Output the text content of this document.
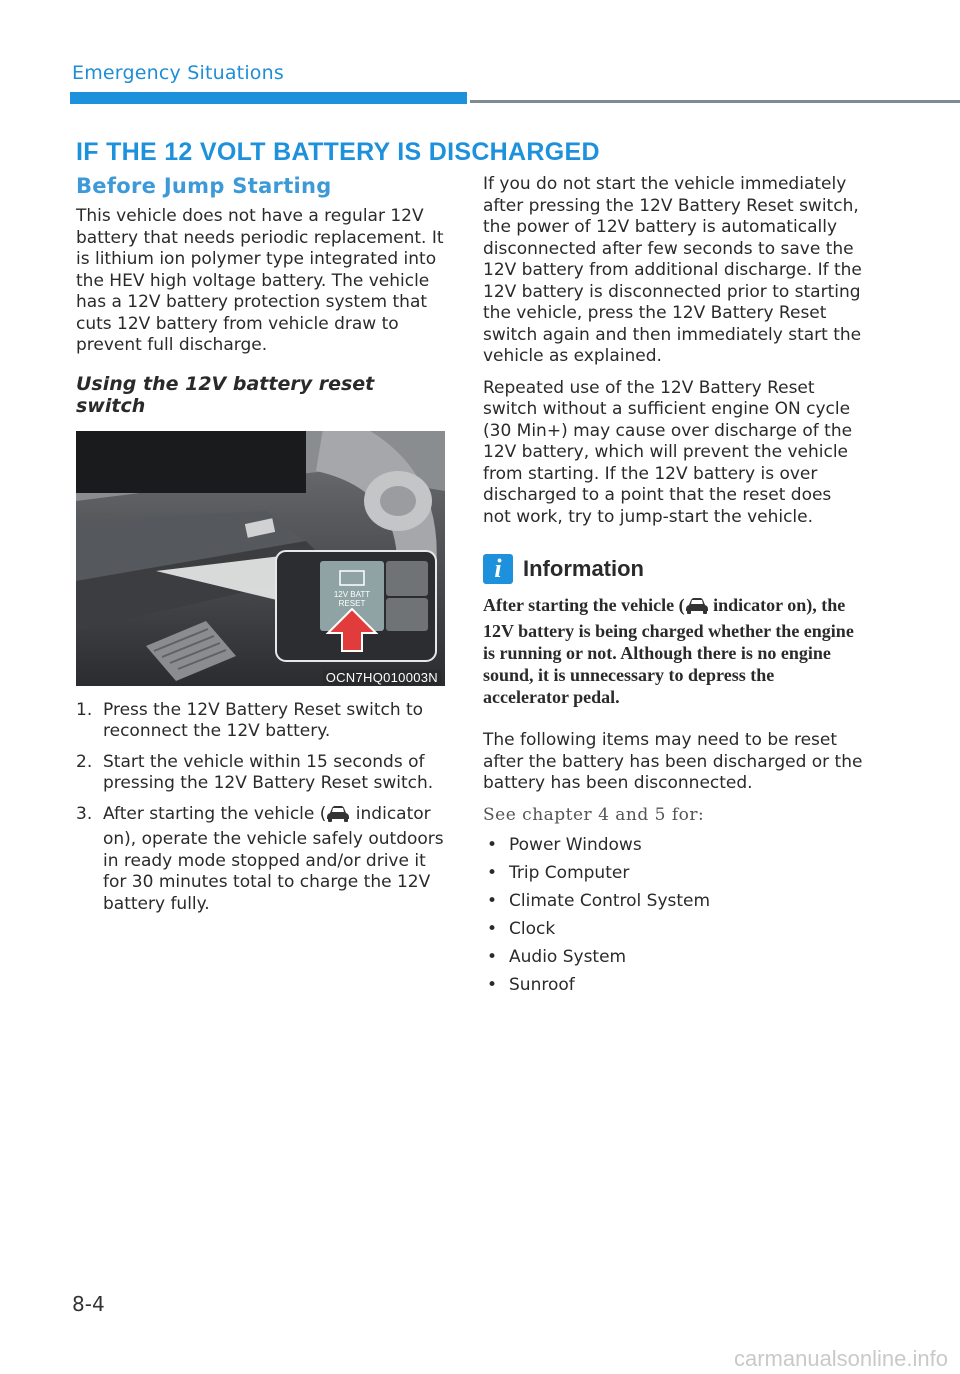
Emergency Situations
IF THE 12 VOLT BATTERY IS DISCHARGED
Before Jump Starting

This vehicle does not have a regular 12V battery that needs periodic replacement. It is lithium ion polymer type integrated into the HEV high voltage battery. The vehicle has a 12V battery protection system that cuts 12V battery from vehicle draw to prevent full discharge.

Using the 12V battery reset switch
12V BATT
RESET
OCN7HQ010003N
1. Press the 12V Battery Reset switch to reconnect the 12V battery.
2. Start the vehicle within 15 seconds of pressing the 12V Battery Reset switch.
3. After starting the vehicle ( indicator on), operate the vehicle safely outdoors in ready mode stopped and/or drive it for 30 minutes total to charge the 12V battery fully.

If you do not start the vehicle immediately after pressing the 12V Battery Reset switch, the power of 12V battery is automatically disconnected after few seconds to save the 12V battery from additional discharge. If the 12V battery is disconnected prior to starting the vehicle, press the 12V Battery Reset switch again and then immediately start the vehicle as explained.

Repeated use of the 12V Battery Reset switch without a sufficient engine ON cycle (30 Min+) may cause over discharge of the 12V battery, which will prevent the vehicle from starting. If the 12V battery is over discharged to a point that the reset does not work, try to jump-start the vehicle.

i Information

After starting the vehicle ( indicator on), the 12V battery is being charged whether the engine is running or not. Although there is no engine sound, it is unnecessary to depress the accelerator pedal.

The following items may need to be reset after the battery has been discharged or the battery has been disconnected.

See chapter 4 and 5 for:

• Power Windows
• Trip Computer
• Climate Control System
• Clock
• Audio System
• Sunroof
8-4
carmanualsonline.info
